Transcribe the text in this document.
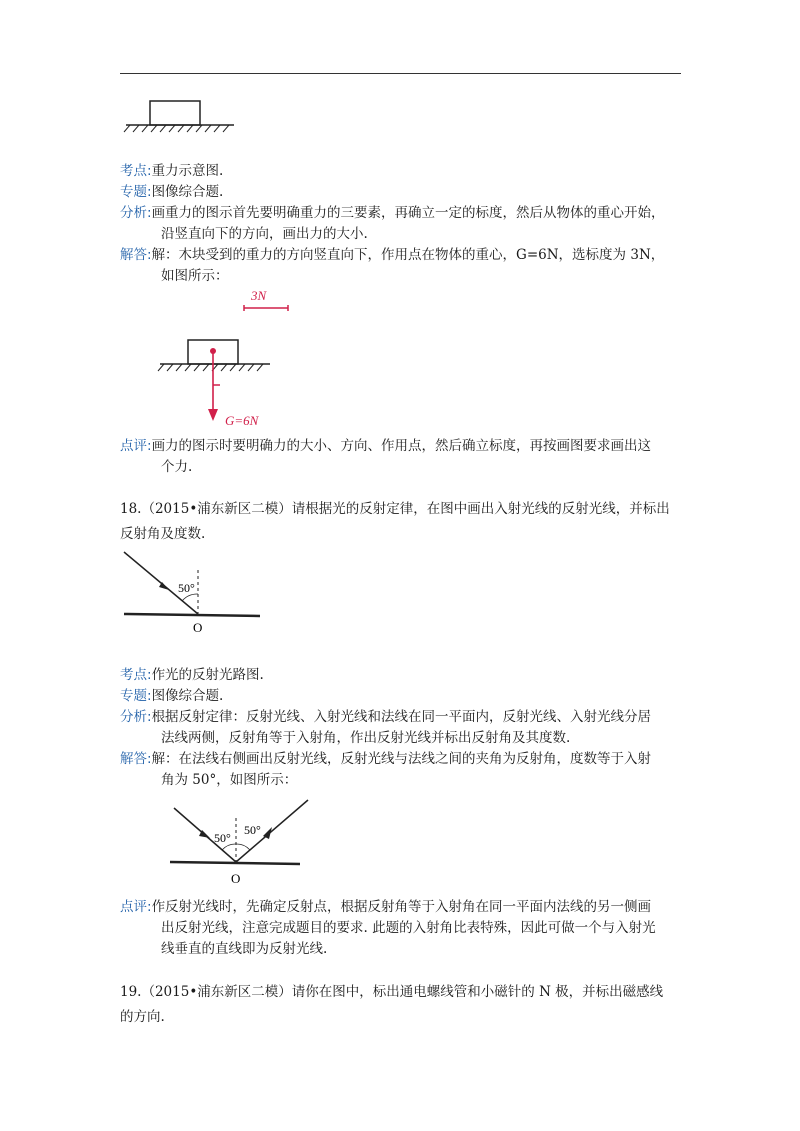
考点:重力示意图.
专题:图像综合题.
分析:画重力的图示首先要明确重力的三要素，再确立一定的标度，然后从物体的重心开始，
沿竖直向下的方向，画出力的大小.
解答:解：木块受到的重力的方向竖直向下，作用点在物体的重心，G=6N，选标度为 3N，
如图所示：
3N
G=6N
点评:画力的图示时要明确力的大小、方向、作用点，然后确立标度，再按画图要求画出这
个力.
18.（2015•浦东新区二模）请根据光的反射定律，在图中画出入射光线的反射光线，并标出
反射角及度数.
50°
O
考点:作光的反射光路图.
专题:图像综合题.
分析:根据反射定律：反射光线、入射光线和法线在同一平面内，反射光线、入射光线分居
法线两侧，反射角等于入射角，作出反射光线并标出反射角及其度数.
解答:解：在法线右侧画出反射光线，反射光线与法线之间的夹角为反射角，度数等于入射
角为 50°，如图所示：
50°
50°
O
点评:作反射光线时，先确定反射点，根据反射角等于入射角在同一平面内法线的另一侧画
出反射光线，注意完成题目的要求. 此题的入射角比表特殊，因此可做一个与入射光
线垂直的直线即为反射光线.
19.（2015•浦东新区二模）请你在图中，标出通电螺线管和小磁针的 N 极，并标出磁感线
的方向.
